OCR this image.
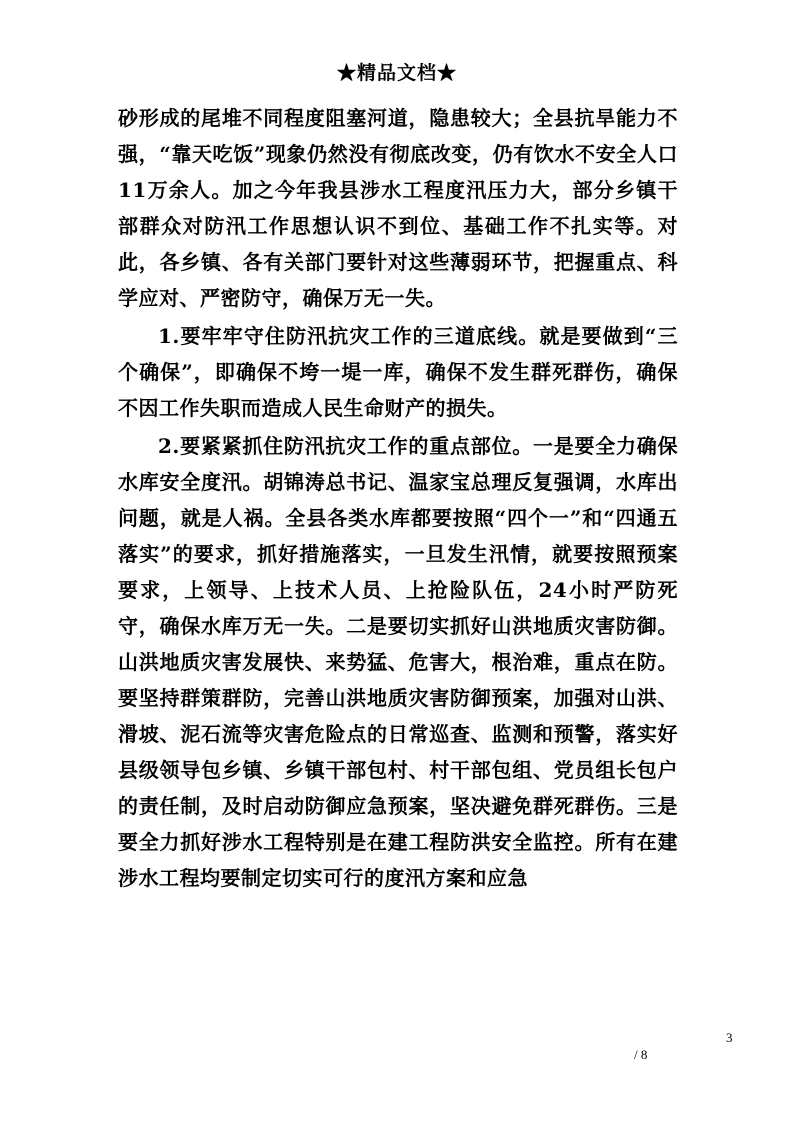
★精品文档★

砂形成的尾堆不同程度阻塞河道，隐患较大；全县抗旱能力不强，“靠天吃饭”现象仍然没有彻底改变，仍有饮水不安全人口11万余人。加之今年我县涉水工程度汛压力大，部分乡镇干部群众对防汛工作思想认识不到位、基础工作不扎实等。对此，各乡镇、各有关部门要针对这些薄弱环节，把握重点、科学应对、严密防守，确保万无一失。

1.要牢牢守住防汛抗灾工作的三道底线。就是要做到“三个确保”，即确保不垮一堤一库，确保不发生群死群伤，确保不因工作失职而造成人民生命财产的损失。

2.要紧紧抓住防汛抗灾工作的重点部位。一是要全力确保水库安全度汛。胡锦涛总书记、温家宝总理反复强调，水库出问题，就是人祸。全县各类水库都要按照“四个一”和“四通五落实”的要求，抓好措施落实，一旦发生汛情，就要按照预案要求，上领导、上技术人员、上抢险队伍，24小时严防死守，确保水库万无一失。二是要切实抓好山洪地质灾害防御。山洪地质灾害发展快、来势猛、危害大，根治难，重点在防。要坚持群策群防，完善山洪地质灾害防御预案，加强对山洪、滑坡、泥石流等灾害危险点的日常巡查、监测和预警，落实好县级领导包乡镇、乡镇干部包村、村干部包组、党员组长包户的责任制，及时启动防御应急预案，坚决避免群死群伤。三是要全力抓好涉水工程特别是在建工程防洪安全监控。所有在建涉水工程均要制定切实可行的度汛方案和应急

3
/ 8
